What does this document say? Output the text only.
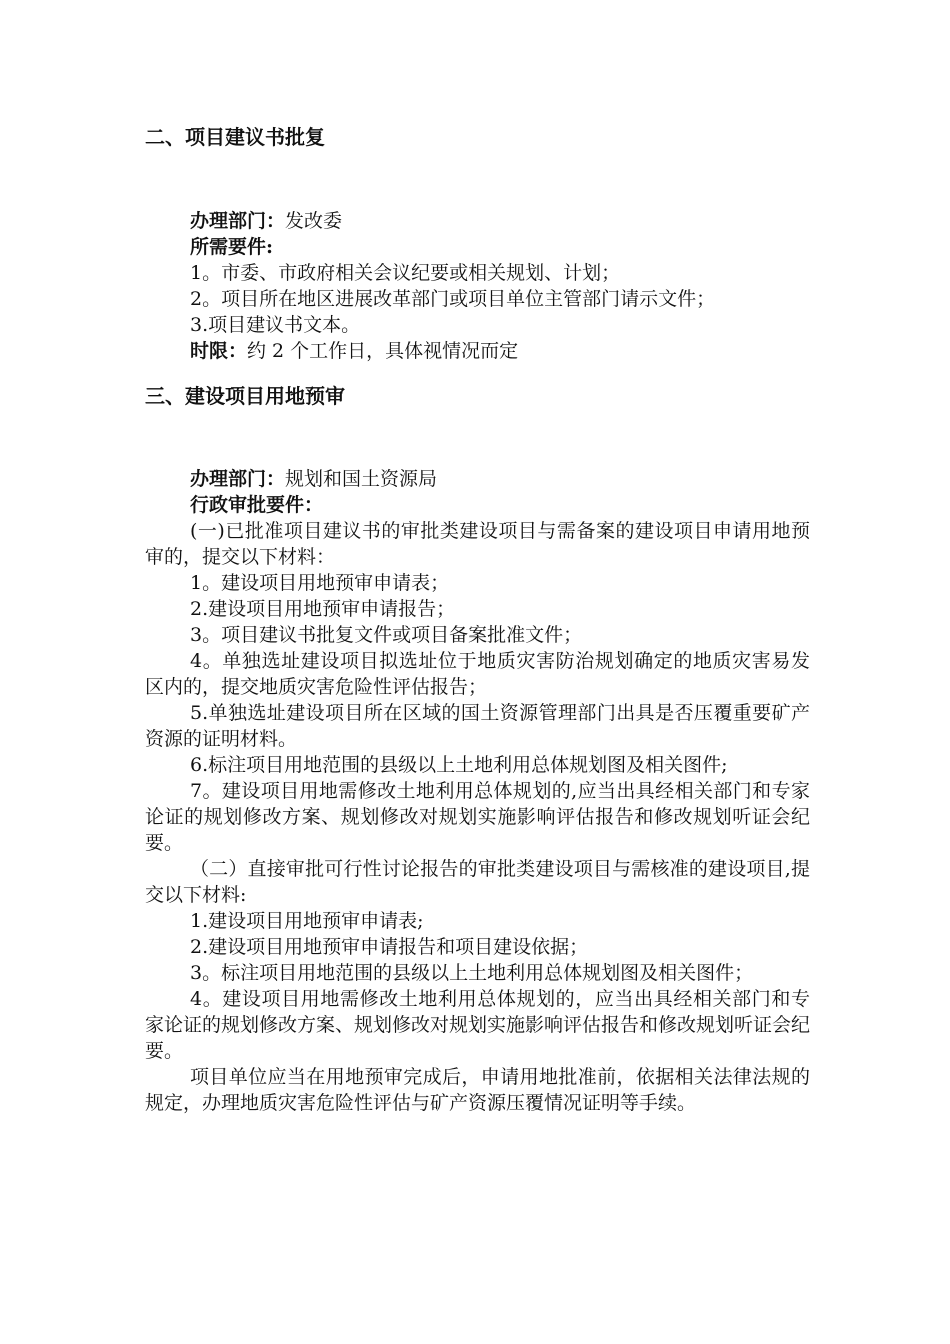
二、项目建议书批复

办理部门：发改委

所需要件:

1。市委、市政府相关会议纪要或相关规划、计划；

2。项目所在地区进展改革部门或项目单位主管部门请示文件；

3.项目建议书文本。

时限：约 2 个工作日，具体视情况而定

三、建设项目用地预审

办理部门：规划和国土资源局

行政审批要件：

(一)已批准项目建议书的审批类建设项目与需备案的建设项目申请用地预审的，提交以下材料：

1。建设项目用地预审申请表；

2.建设项目用地预审申请报告；

3。项目建议书批复文件或项目备案批准文件；

4。单独选址建设项目拟选址位于地质灾害防治规划确定的地质灾害易发区内的，提交地质灾害危险性评估报告；

5.单独选址建设项目所在区域的国土资源管理部门出具是否压覆重要矿产资源的证明材料。

6.标注项目用地范围的县级以上土地利用总体规划图及相关图件;

7。建设项目用地需修改土地利用总体规划的,应当出具经相关部门和专家论证的规划修改方案、规划修改对规划实施影响评估报告和修改规划听证会纪要。

（二）直接审批可行性讨论报告的审批类建设项目与需核准的建设项目,提交以下材料:

1.建设项目用地预审申请表;

2.建设项目用地预审申请报告和项目建设依据；

3。标注项目用地范围的县级以上土地利用总体规划图及相关图件；

4。建设项目用地需修改土地利用总体规划的，应当出具经相关部门和专家论证的规划修改方案、规划修改对规划实施影响评估报告和修改规划听证会纪要。

项目单位应当在用地预审完成后，申请用地批准前，依据相关法律法规的规定，办理地质灾害危险性评估与矿产资源压覆情况证明等手续。
